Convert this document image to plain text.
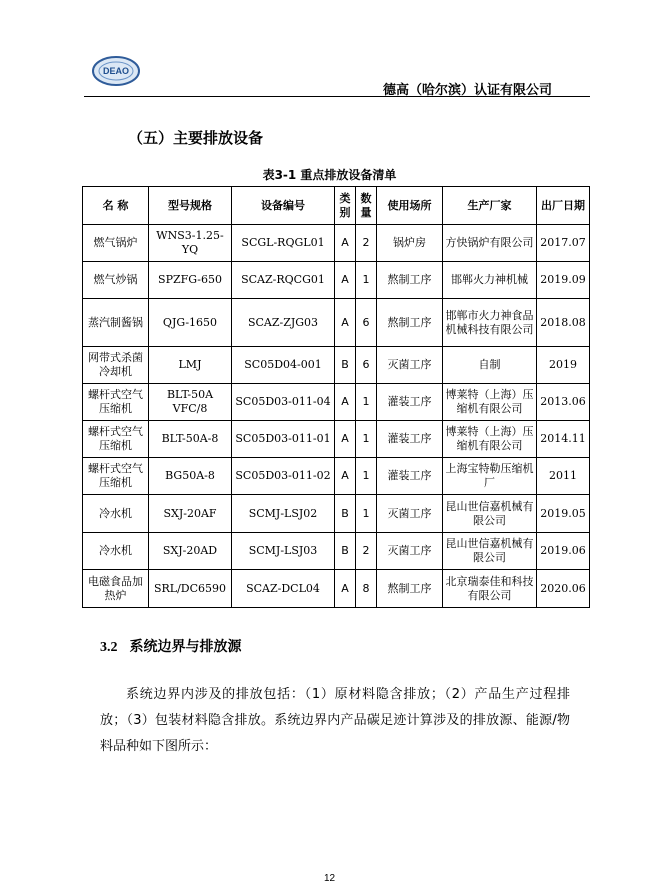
DEAO
德高（哈尔滨）认证有限公司
（五）主要排放设备
表3-1 重点排放设备清单
名 称	型号规格	设备编号	类别	数量	使用场所	生产厂家	出厂日期
燃气锅炉	WNS3-1.25-YQ	SCGL-RQGL01	A	2	锅炉房	方快锅炉有限公司	2017.07
燃气炒锅	SPZFG-650	SCAZ-RQCG01	A	1	熬制工序	邯郸火力神机械	2019.09
蒸汽制酱锅	QJG-1650	SCAZ-ZJG03	A	6	熬制工序	邯郸市火力神食品机械科技有限公司	2018.08
网带式杀菌冷却机	LMJ	SC05D04-001	B	6	灭菌工序	自制	2019
螺杆式空气压缩机	BLT-50A VFC/8	SC05D03-011-04	A	1	灌装工序	博莱特（上海）压缩机有限公司	2013.06
螺杆式空气压缩机	BLT-50A-8	SC05D03-011-01	A	1	灌装工序	博莱特（上海）压缩机有限公司	2014.11
螺杆式空气压缩机	BG50A-8	SC05D03-011-02	A	1	灌装工序	上海宝特勒压缩机厂	2011
冷水机	SXJ-20AF	SCMJ-LSJ02	B	1	灭菌工序	昆山世信嘉机械有限公司	2019.05
冷水机	SXJ-20AD	SCMJ-LSJ03	B	2	灭菌工序	昆山世信嘉机械有限公司	2019.06
电磁食品加热炉	SRL/DC6590	SCAZ-DCL04	A	8	熬制工序	北京瑞泰佳和科技有限公司	2020.06
3.2 系统边界与排放源
系统边界内涉及的排放包括：（1）原材料隐含排放；（2）产品生产过程排放；（3）包装材料隐含排放。系统边界内产品碳足迹计算涉及的排放源、能源/物料品种如下图所示：
12
